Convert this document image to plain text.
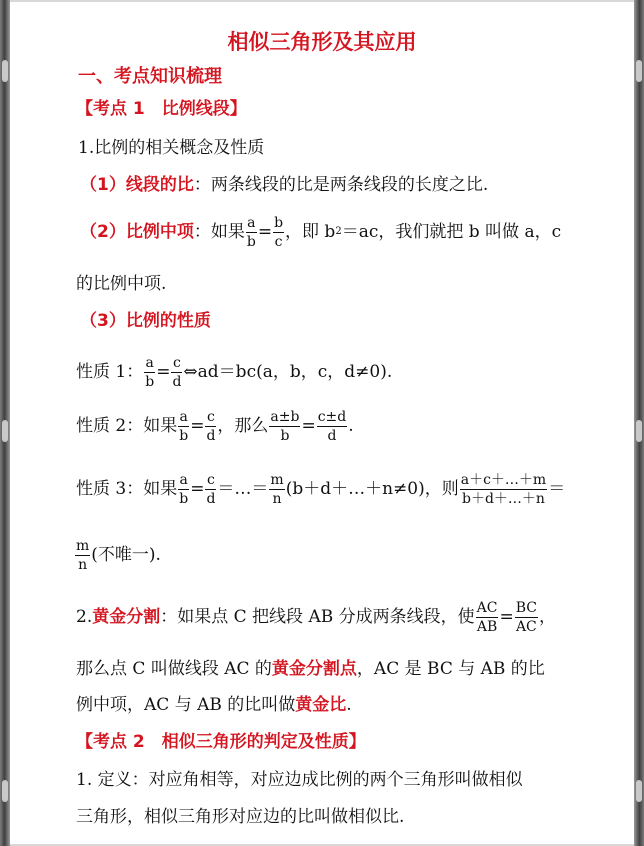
相似三角形及其应用
一、考点知识梳理
【考点 1　比例线段】
1.比例的相关概念及性质
（1）线段的比：两条线段的比是两条线段的长度之比.
（2）比例中项 ：如果 $\frac{a}{b} = \frac{b}{c}$ ，即 b 2 ＝ac，我们就把 b 叫做 a，c
的比例中项.
（3）比例的性质
性质 1： $\frac{a}{b} = \frac{c}{d}$ ⇔ad＝bc(a，b，c，d≠0).
性质 2：如果 $\frac{a}{b} = \frac{c}{d}$ ，那么 $\frac{a\pm b}{b} = \frac{c\pm d}{d}$ .
性质 3：如果 $\frac{a}{b} = \frac{c}{d}$ ＝…＝ $\frac{m}{n}$ (b＋d＋…＋n≠0)，则 $\frac{a+c+\dots+m}{b+d+\dots+n}$ ＝
$\frac{m}{n}$ (不唯一).
2. 黄金分割 ：如果点 C 把线段 AB 分成两条线段，使 $\frac{AC}{AB} = \frac{BC}{AC}$ ，
那么点 C 叫做线段 AC 的黄金分割点，AC 是 BC 与 AB 的比
例中项，AC 与 AB 的比叫做黄金比.
【考点 2　相似三角形的判定及性质】
1. 定义：对应角相等，对应边成比例的两个三角形叫做相似
三角形，相似三角形对应边的比叫做相似比.
